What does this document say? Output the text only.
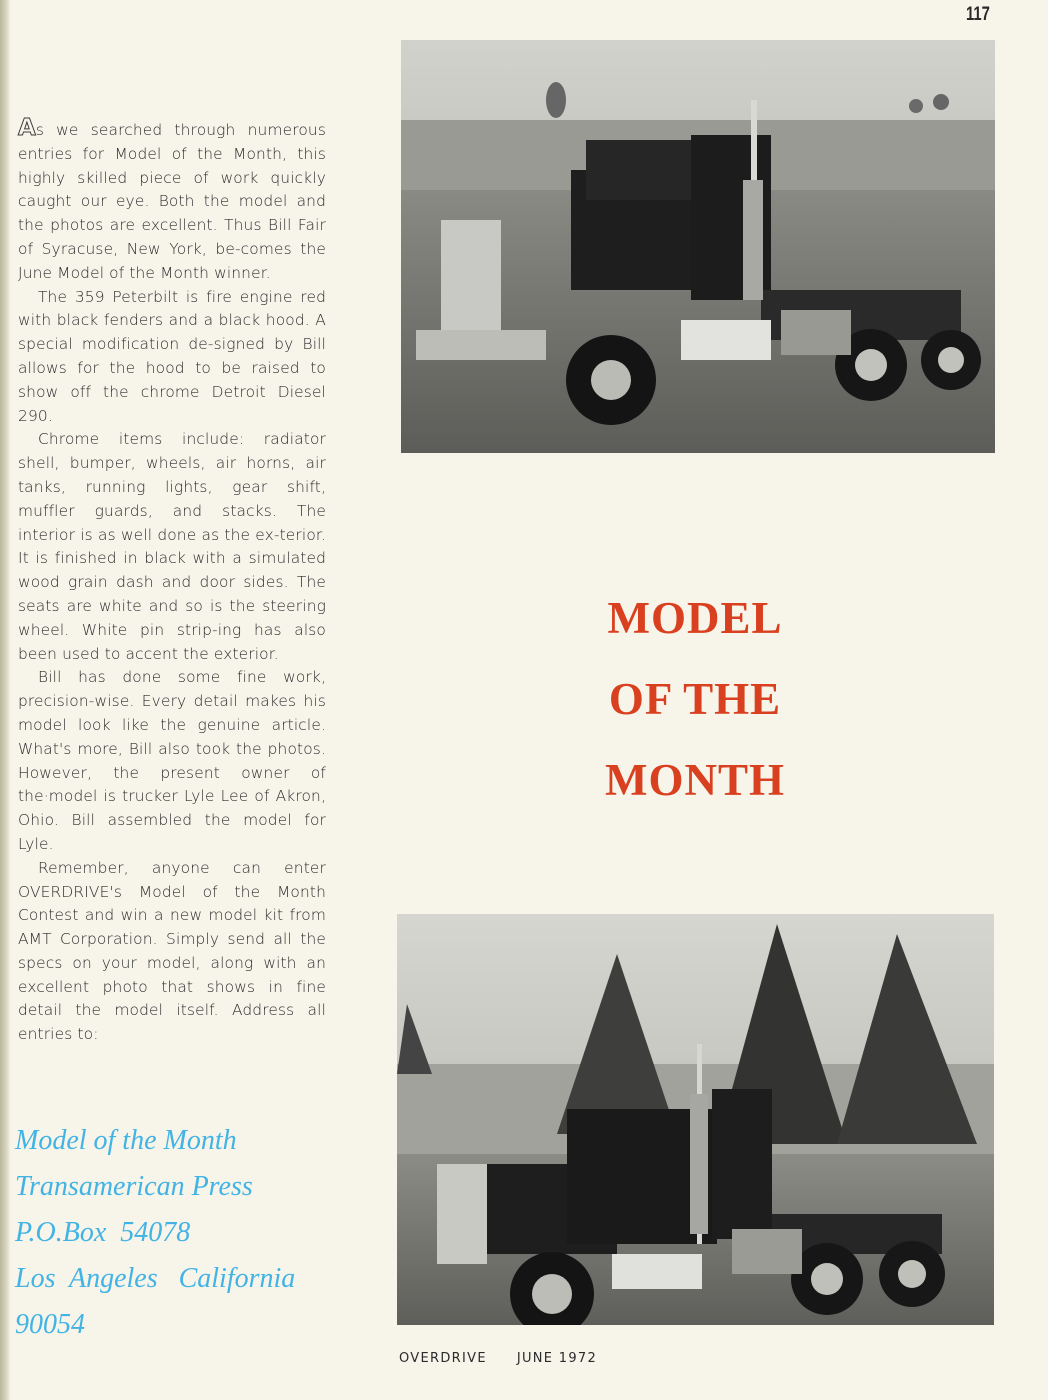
117

As we searched through numerous entries for Model of the Month, this highly skilled piece of work quickly caught our eye. Both the model and the photos are excellent. Thus Bill Fair of Syracuse, New York, be-comes the June Model of the Month winner.

The 359 Peterbilt is fire engine red with black fenders and a black hood. A special modification de-signed by Bill allows for the hood to be raised to show off the chrome Detroit Diesel 290.

Chrome items include: radiator shell, bumper, wheels, air horns, air tanks, running lights, gear shift, muffler guards, and stacks. The interior is as well done as the ex-terior. It is finished in black with a simulated wood grain dash and door sides. The seats are white and so is the steering wheel. White pin strip-ing has also been used to accent the exterior.

Bill has done some fine work, precision-wise. Every detail makes his model look like the genuine article. What's more, Bill also took the photos. However, the present owner of the·model is trucker Lyle Lee of Akron, Ohio. Bill assembled the model for Lyle.

Remember, anyone can enter OVERDRIVE's Model of the Month Contest and win a new model kit from AMT Corporation. Simply send all the specs on your model, along with an excellent photo that shows in fine detail the model itself. Address all entries to:

Model of the Month
Transamerican Press
P.O.Box  54078
Los  Angeles   California
90054
MODEL
OF THE
MONTH
OVERDRIVE JUNE 1972
